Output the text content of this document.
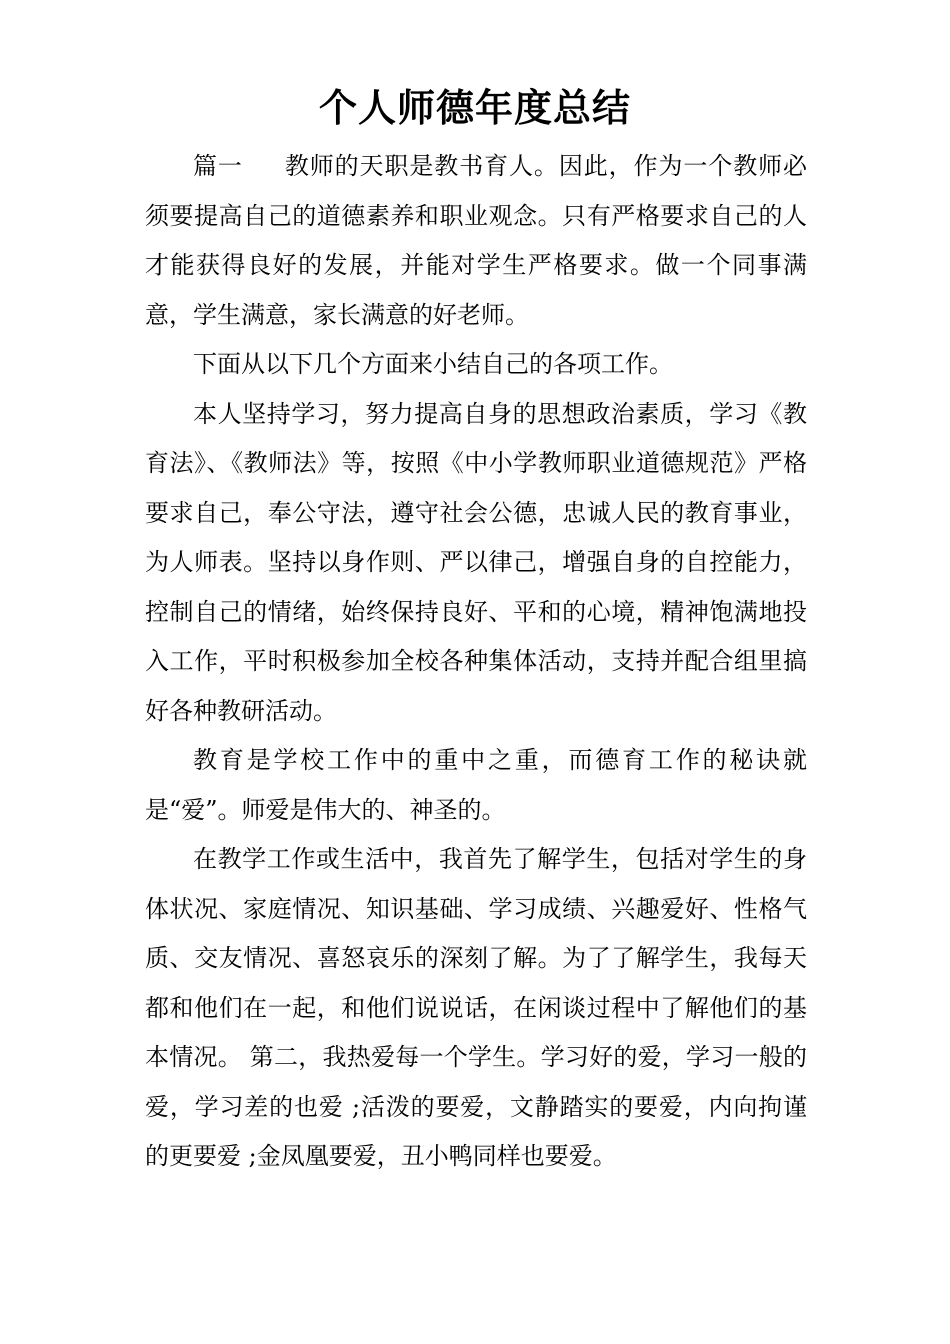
个人师德年度总结

篇一 教师的天职是教书育人。因此，作为一个教师必须要提高自己的道德素养和职业观念。只有严格要求自己的人才能获得良好的发展，并能对学生严格要求。做一个同事满意，学生满意，家长满意的好老师。

下面从以下几个方面来小结自己的各项工作。

本人坚持学习，努力提高自身的思想政治素质，学习《教育法》、《教师法》等，按照《中小学教师职业道德规范》严格要求自己，奉公守法，遵守社会公德，忠诚人民的教育事业，为人师表。坚持以身作则、严以律己，增强自身的自控能力，控制自己的情绪，始终保持良好、平和的心境，精神饱满地投入工作，平时积极参加全校各种集体活动，支持并配合组里搞好各种教研活动。

教育是学校工作中的重中之重，而德育工作的秘诀就是“爱”。师爱是伟大的、神圣的。

在教学工作或生活中，我首先了解学生，包括对学生的身体状况、家庭情况、知识基础、学习成绩、兴趣爱好、性格气质、交友情况、喜怒哀乐的深刻了解。为了了解学生，我每天都和他们在一起，和他们说说话，在闲谈过程中了解他们的基本情况。 第二，我热爱每一个学生。学习好的爱，学习一般的爱，学习差的也爱 ;活泼的要爱，文静踏实的要爱，内向拘谨的更要爱 ;金凤凰要爱，丑小鸭同样也要爱。
